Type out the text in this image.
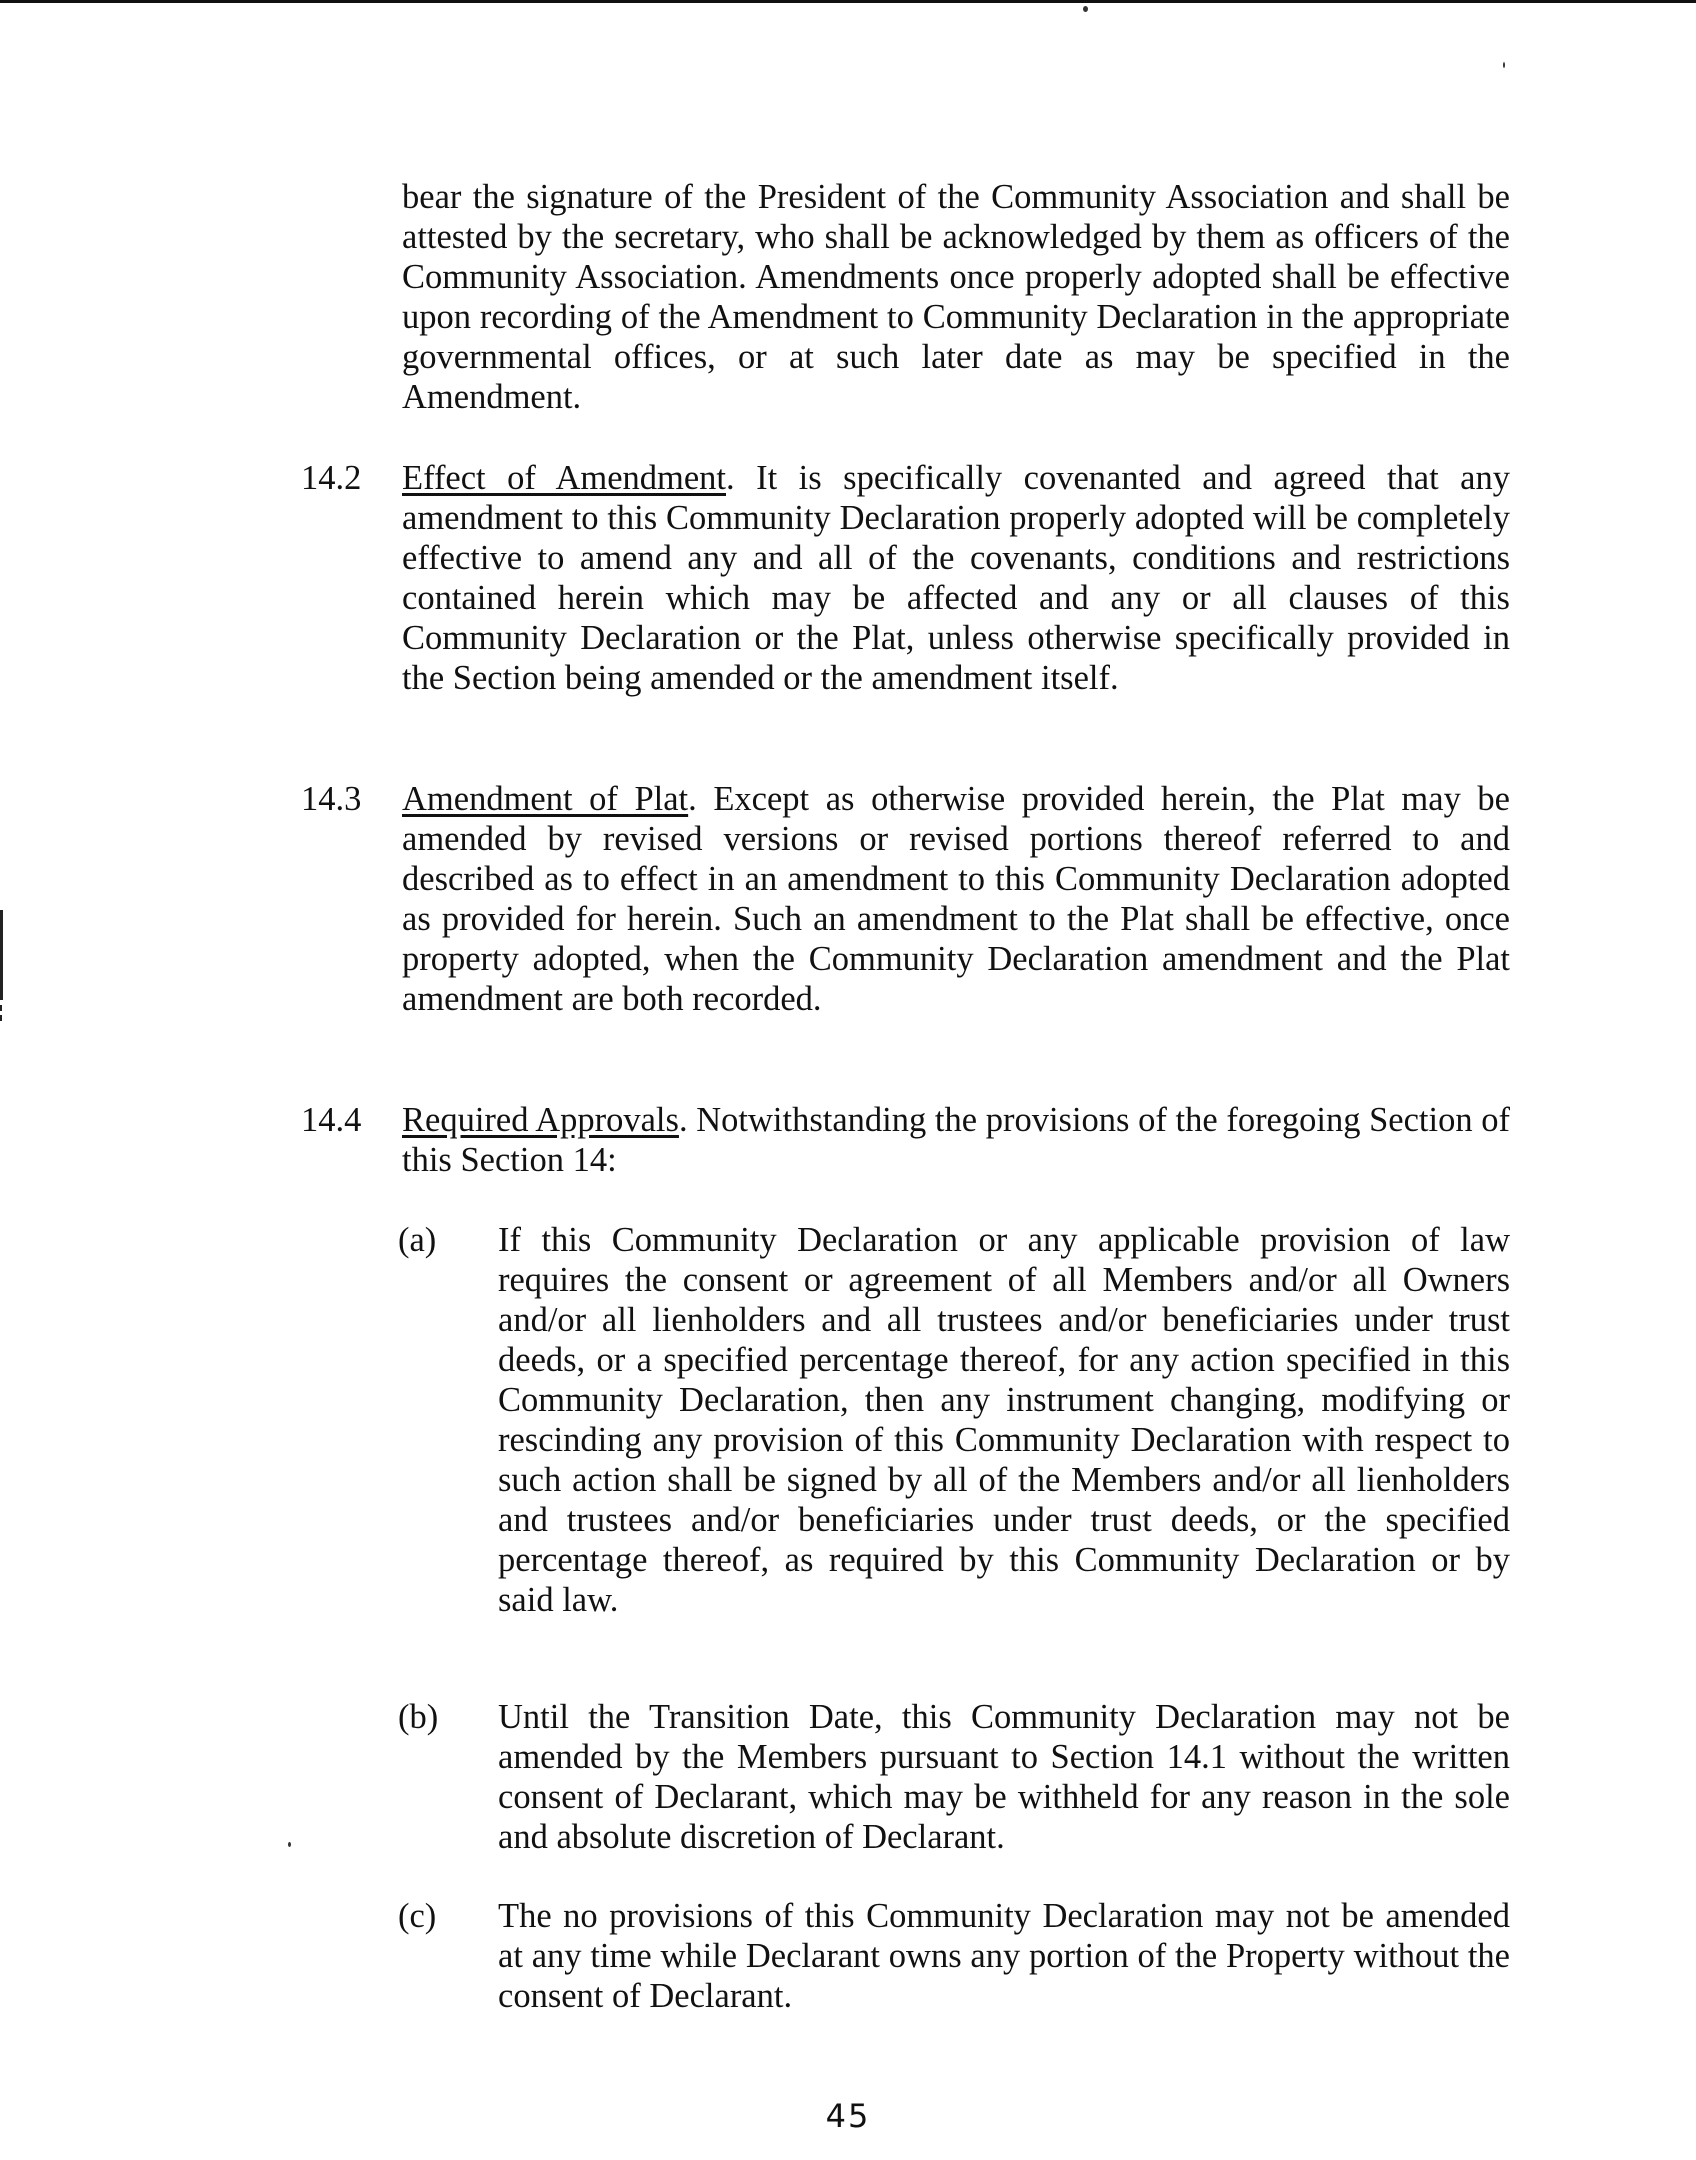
bear the signature of the President of the Community Association and shall be attested by the secretary, who shall be acknowledged by them as officers of the Community Association. Amendments once properly adopted shall be effective upon recording of the Amendment to Community Declaration in the appropriate governmental offices, or at such later date as may be specified in the Amendment.
14.2 Effect of Amendment. It is specifically covenanted and agreed that any amendment to this Community Declaration properly adopted will be completely effective to amend any and all of the covenants, conditions and restrictions contained herein which may be affected and any or all clauses of this Community Declaration or the Plat, unless otherwise specifically provided in the Section being amended or the amendment itself.
14.3 Amendment of Plat. Except as otherwise provided herein, the Plat may be amended by revised versions or revised portions thereof referred to and described as to effect in an amendment to this Community Declaration adopted as provided for herein. Such an amendment to the Plat shall be effective, once property adopted, when the Community Declaration amendment and the Plat amendment are both recorded.
14.4 Required Approvals. Notwithstanding the provisions of the foregoing Section of this Section 14:
(a) If this Community Declaration or any applicable provision of law requires the consent or agreement of all Members and/or all Owners and/or all lienholders and all trustees and/or beneficiaries under trust deeds, or a specified percentage thereof, for any action specified in this Community Declaration, then any instrument changing, modifying or rescinding any provision of this Community Declaration with respect to such action shall be signed by all of the Members and/or all lienholders and trustees and/or beneficiaries under trust deeds, or the specified percentage thereof, as required by this Community Declaration or by said law.
(b) Until the Transition Date, this Community Declaration may not be amended by the Members pursuant to Section 14.1 without the written consent of Declarant, which may be withheld for any reason in the sole and absolute discretion of Declarant.
(c) The no provisions of this Community Declaration may not be amended at any time while Declarant owns any portion of the Property without the consent of Declarant.
45
